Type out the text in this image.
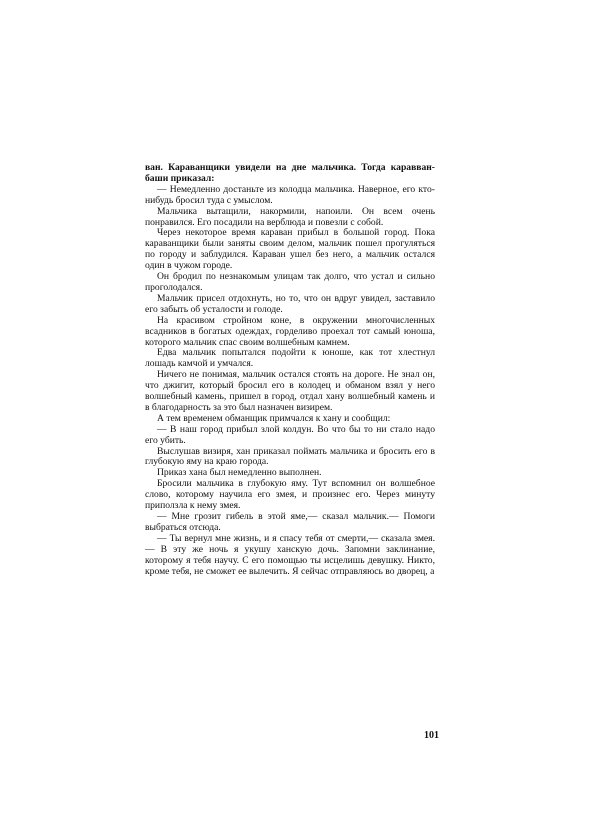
ван. Караванщики увидели на дне мальчика. Тогда каравван-баши приказал:

— Немедленно достаньте из колодца мальчика. Наверное, его кто-нибудь бросил туда с умыслом.

Мальчика вытащили, накормили, напоили. Он всем очень понравился. Его посадили на верблюда и повезли с собой.

Через некоторое время караван прибыл в большой город. Пока караванщики были заняты своим делом, мальчик пошел прогуляться по городу и заблудился. Караван ушел без него, а мальчик остался один в чужом городе.

Он бродил по незнакомым улицам так долго, что устал и сильно проголодался.

Мальчик присел отдохнуть, но то, что он вдруг увидел, заставило его забыть об усталости и голоде.

На красивом стройном коне, в окружении многочисленных всадников в богатых одеждах, горделиво проехал тот самый юноша, которого мальчик спас своим волшебным камнем.

Едва мальчик попытался подойти к юноше, как тот хлестнул лошадь камчой и умчался.

Ничего не понимая, мальчик остался стоять на дороге. Не знал он, что джигит, который бросил его в колодец и обманом взял у него волшебный камень, пришел в город, отдал хану волшебный камень и в благодарность за это был назначен визирем.

А тем временем обманщик примчался к хану и сообщил:

— В наш город прибыл злой колдун. Во что бы то ни стало надо его убить.

Выслушав визиря, хан приказал поймать мальчика и бросить его в глубокую яму на краю города.

Приказ хана был немедленно выполнен.

Бросили мальчика в глубокую яму. Тут вспомнил он волшебное слово, которому научила его змея, и произнес его. Через минуту приползла к нему змея.

— Мне грозит гибель в этой яме,— сказал мальчик.— Помоги выбраться отсюда.

— Ты вернул мне жизнь, и я спасу тебя от смерти,— сказала змея. — В эту же ночь я укушу ханскую дочь. Запомни заклинание, которому я тебя научу. С его помощью ты исцелишь девушку. Никто, кроме тебя, не сможет ее вылечить. Я сейчас отправляюсь во дворец, а

101
